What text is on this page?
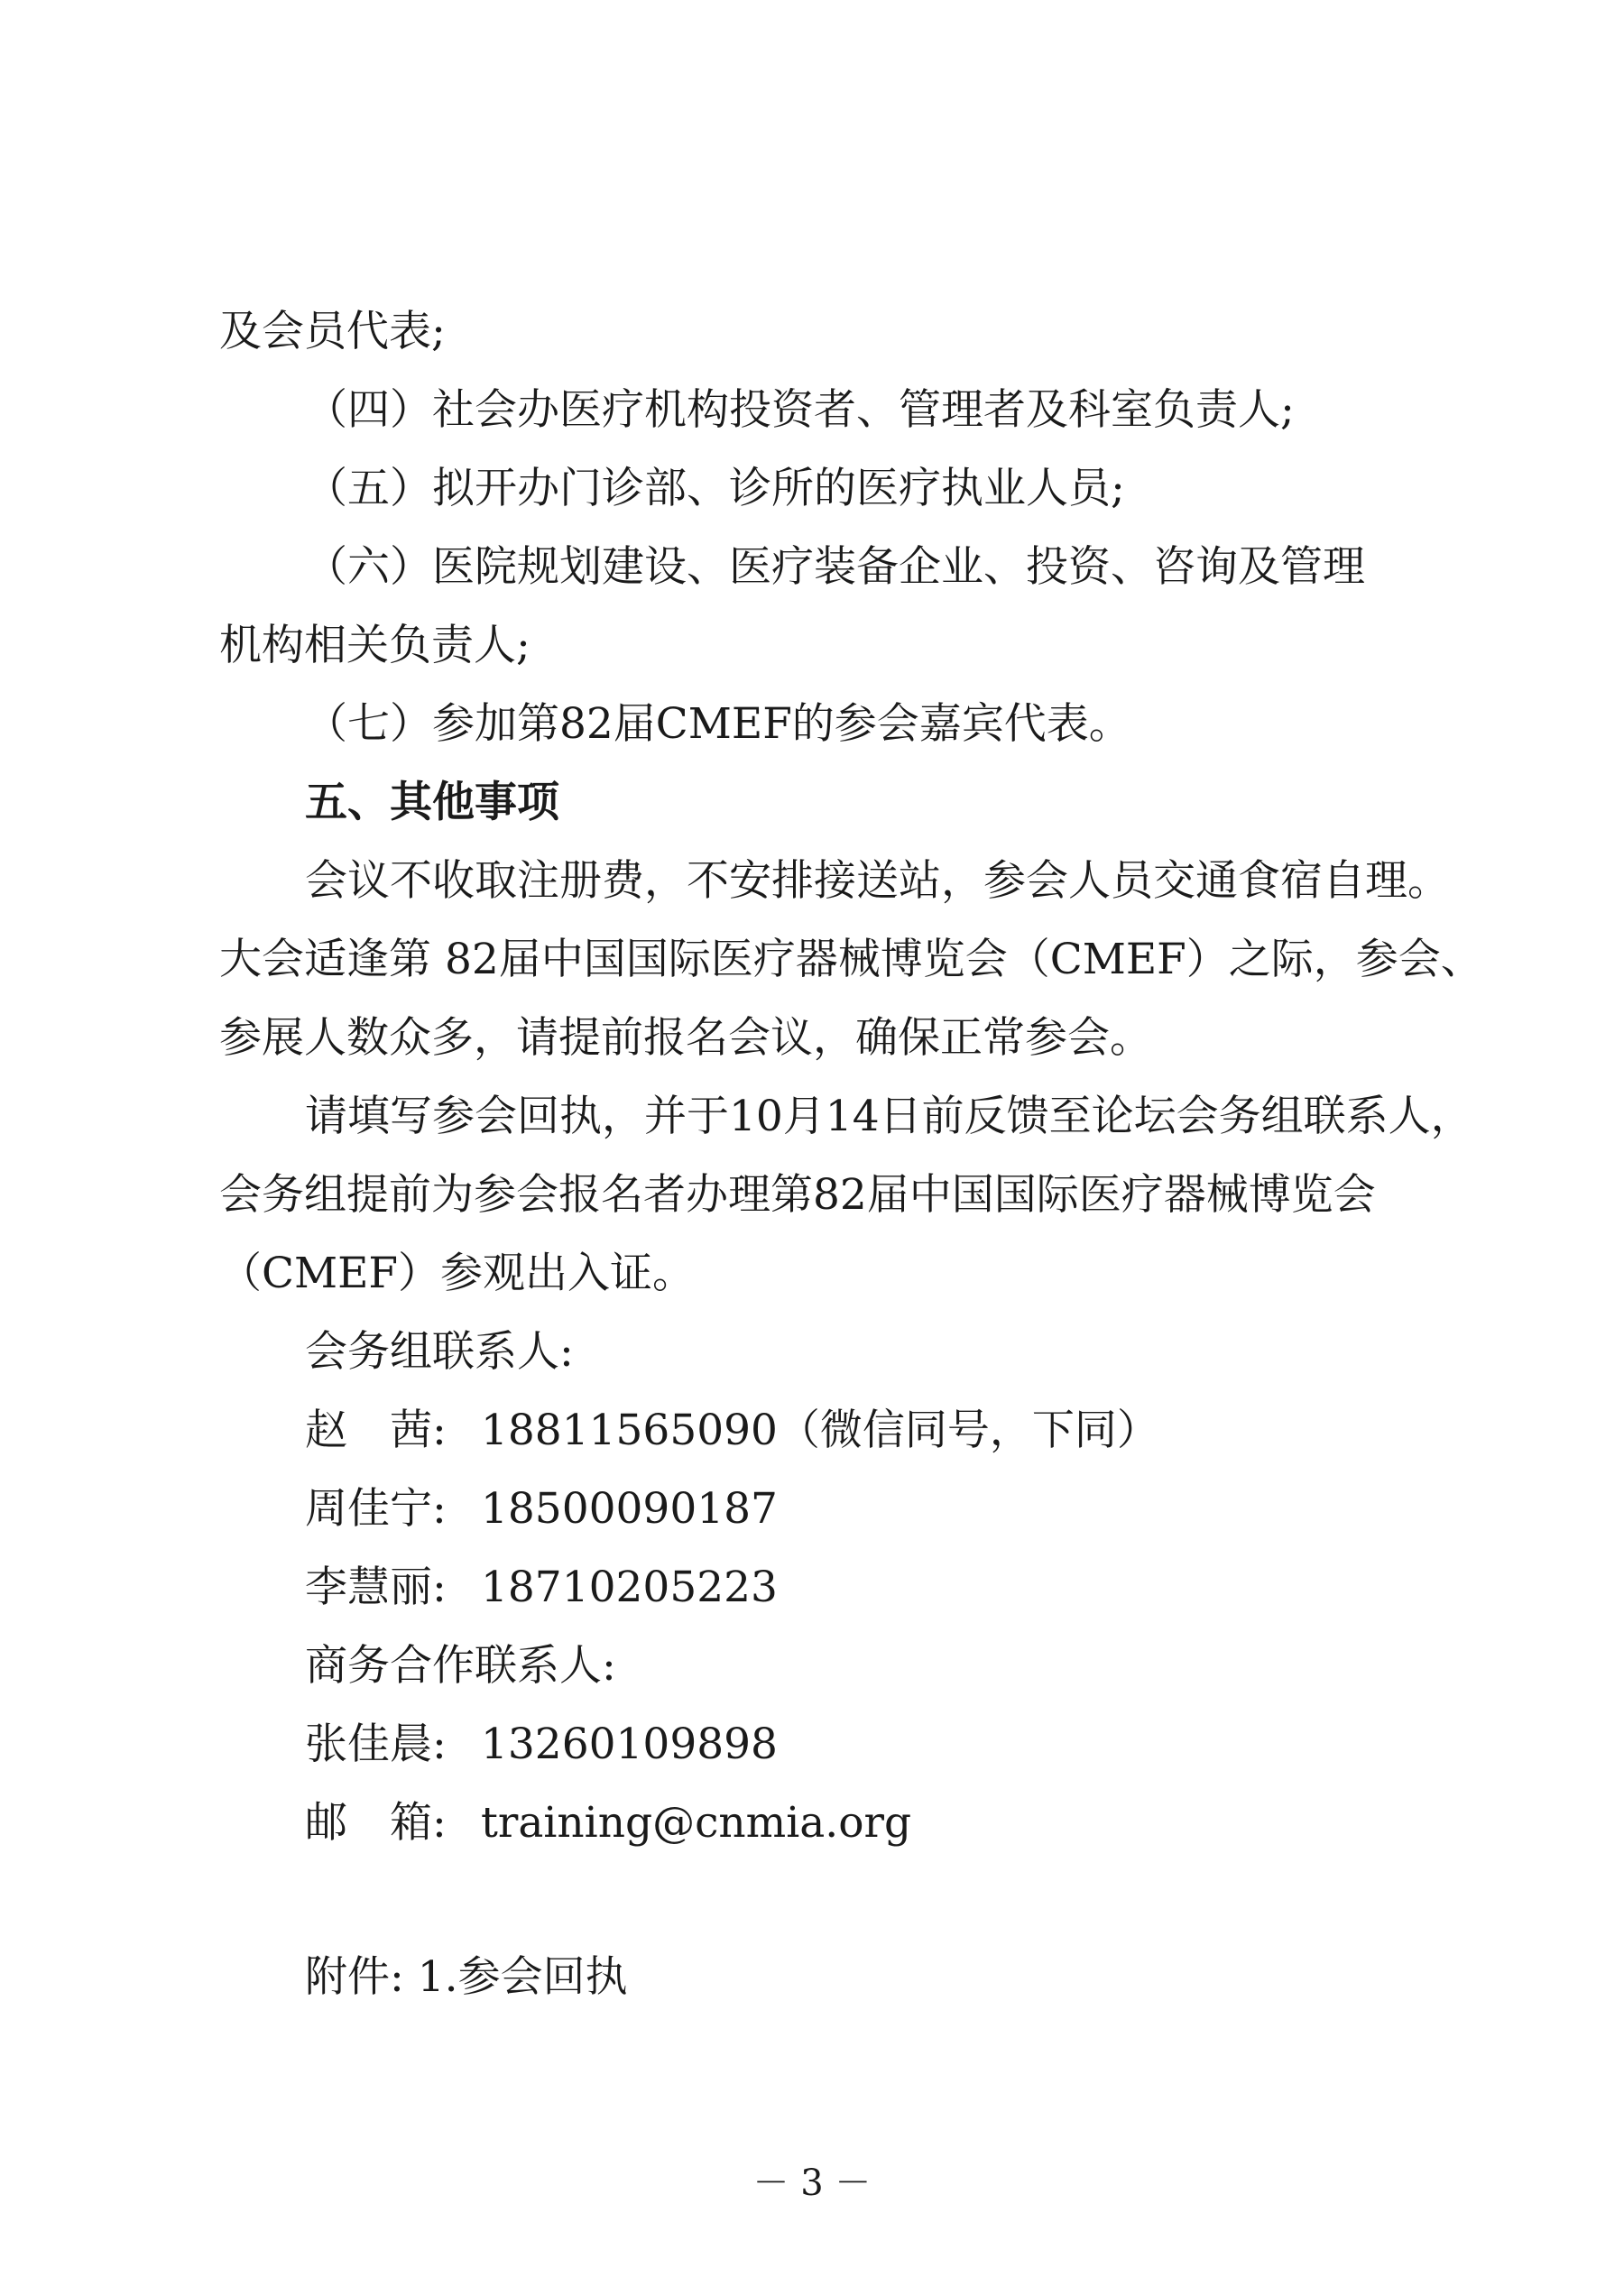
及会员代表;
（四）社会办医疗机构投资者、管理者及科室负责人;
（五）拟开办门诊部、诊所的医疗执业人员;
（六）医院规划建设、医疗装备企业、投资、咨询及管理
机构相关负责人;
（七）参加第82届CMEF的参会嘉宾代表。
五、其他事项
会议不收取注册费，不安排接送站，参会人员交通食宿自理。
大会适逢第 82届中国国际医疗器械博览会（CMEF）之际，参会、
参展人数众多，请提前报名会议，确保正常参会。
请填写参会回执，并于10月14日前反馈至论坛会务组联系人，
会务组提前为参会报名者办理第82届中国国际医疗器械博览会
（CMEF）参观出入证。
会务组联系人:
赵　茜: 18811565090（微信同号，下同）
周佳宁: 18500090187
李慧丽: 18710205223
商务合作联系人:
张佳晨: 13260109898
邮　箱: training@cnmia.org
附件: 1.参会回执
－ 3 －
